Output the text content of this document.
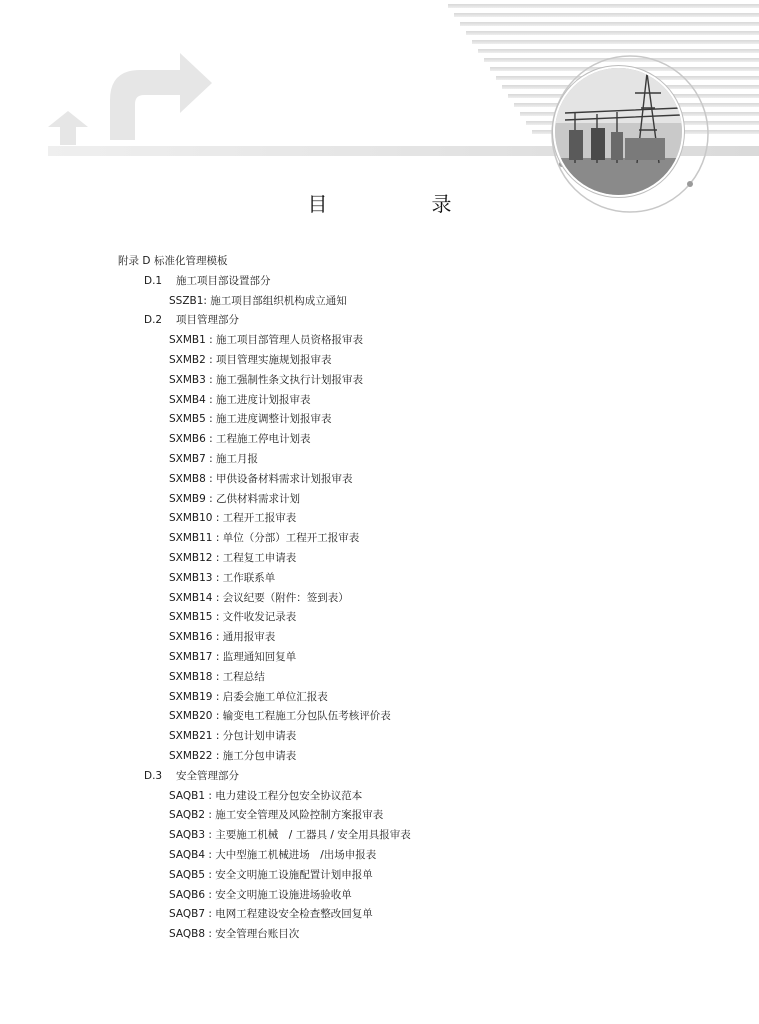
目　录
附录 D 标准化管理模板
D.1 施工项目部设置部分
SSZB1: 施工项目部组织机构成立通知
D.2 项目管理部分
SXMB1 : 施工项目部管理人员资格报审表
SXMB2 : 项目管理实施规划报审表
SXMB3 : 施工强制性条文执行计划报审表
SXMB4 : 施工进度计划报审表
SXMB5 : 施工进度调整计划报审表
SXMB6 : 工程施工停电计划表
SXMB7 : 施工月报
SXMB8 : 甲供设备材料需求计划报审表
SXMB9 : 乙供材料需求计划
SXMB10 : 工程开工报审表
SXMB11 : 单位（分部）工程开工报审表
SXMB12 : 工程复工申请表
SXMB13 : 工作联系单
SXMB14 : 会议纪要（附件：签到表）
SXMB15 : 文件收发记录表
SXMB16 : 通用报审表
SXMB17 : 监理通知回复单
SXMB18 : 工程总结
SXMB19 : 启委会施工单位汇报表
SXMB20 : 输变电工程施工分包队伍考核评价表
SXMB21 : 分包计划申请表
SXMB22 : 施工分包申请表
D.3 安全管理部分
SAQB1 : 电力建设工程分包安全协议范本
SAQB2 : 施工安全管理及风险控制方案报审表
SAQB3 : 主要施工机械　/ 工器具 / 安全用具报审表
SAQB4 : 大中型施工机械进场　/出场申报表
SAQB5 : 安全文明施工设施配置计划申报单
SAQB6 : 安全文明施工设施进场验收单
SAQB7 : 电网工程建设安全检查整改回复单
SAQB8 : 安全管理台账目次
